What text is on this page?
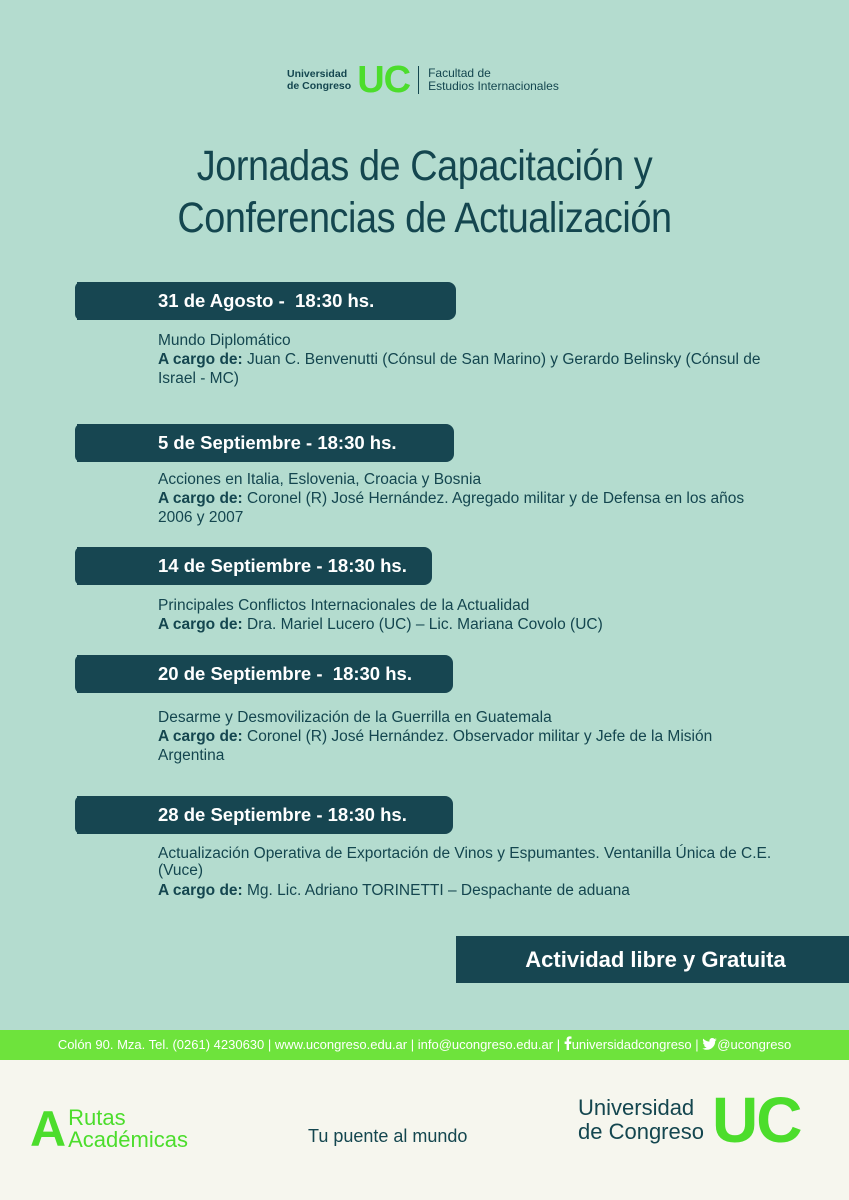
Universidad
de Congreso UC Facultad de
Estudios Internacionales
Jornadas de Capacitación y
Conferencias de Actualización
31 de Agosto -  18:30 hs.
Mundo Diplomático
A cargo de: Juan C. Benvenutti (Cónsul de San Marino) y Gerardo Belinsky (Cónsul de Israel - MC)
5 de Septiembre - 18:30 hs.
Acciones en Italia, Eslovenia, Croacia y Bosnia
A cargo de: Coronel (R) José Hernández. Agregado militar y de Defensa en los años 2006 y 2007
14 de Septiembre - 18:30 hs.
Principales Conflictos Internacionales de la Actualidad
A cargo de: Dra. Mariel Lucero (UC) – Lic. Mariana Covolo (UC)
20 de Septiembre -  18:30 hs.
Desarme y Desmovilización de la Guerrilla en Guatemala
A cargo de: Coronel (R) José Hernández. Observador militar y Jefe de la Misión Argentina
28 de Septiembre - 18:30 hs.
Actualización Operativa de Exportación de Vinos y Espumantes. Ventanilla Única de C.E. (Vuce)
A cargo de: Mg. Lic. Adriano TORINETTI – Despachante de aduana
Actividad libre y Gratuita
Colón 90. Mza. Tel. (0261) 4230630 | www.ucongreso.edu.ar | info@ucongreso.edu.ar | universidadcongreso | @ucongreso
A Rutas
Académicas	Tu puente al mundo
Universidad
de Congreso UC
